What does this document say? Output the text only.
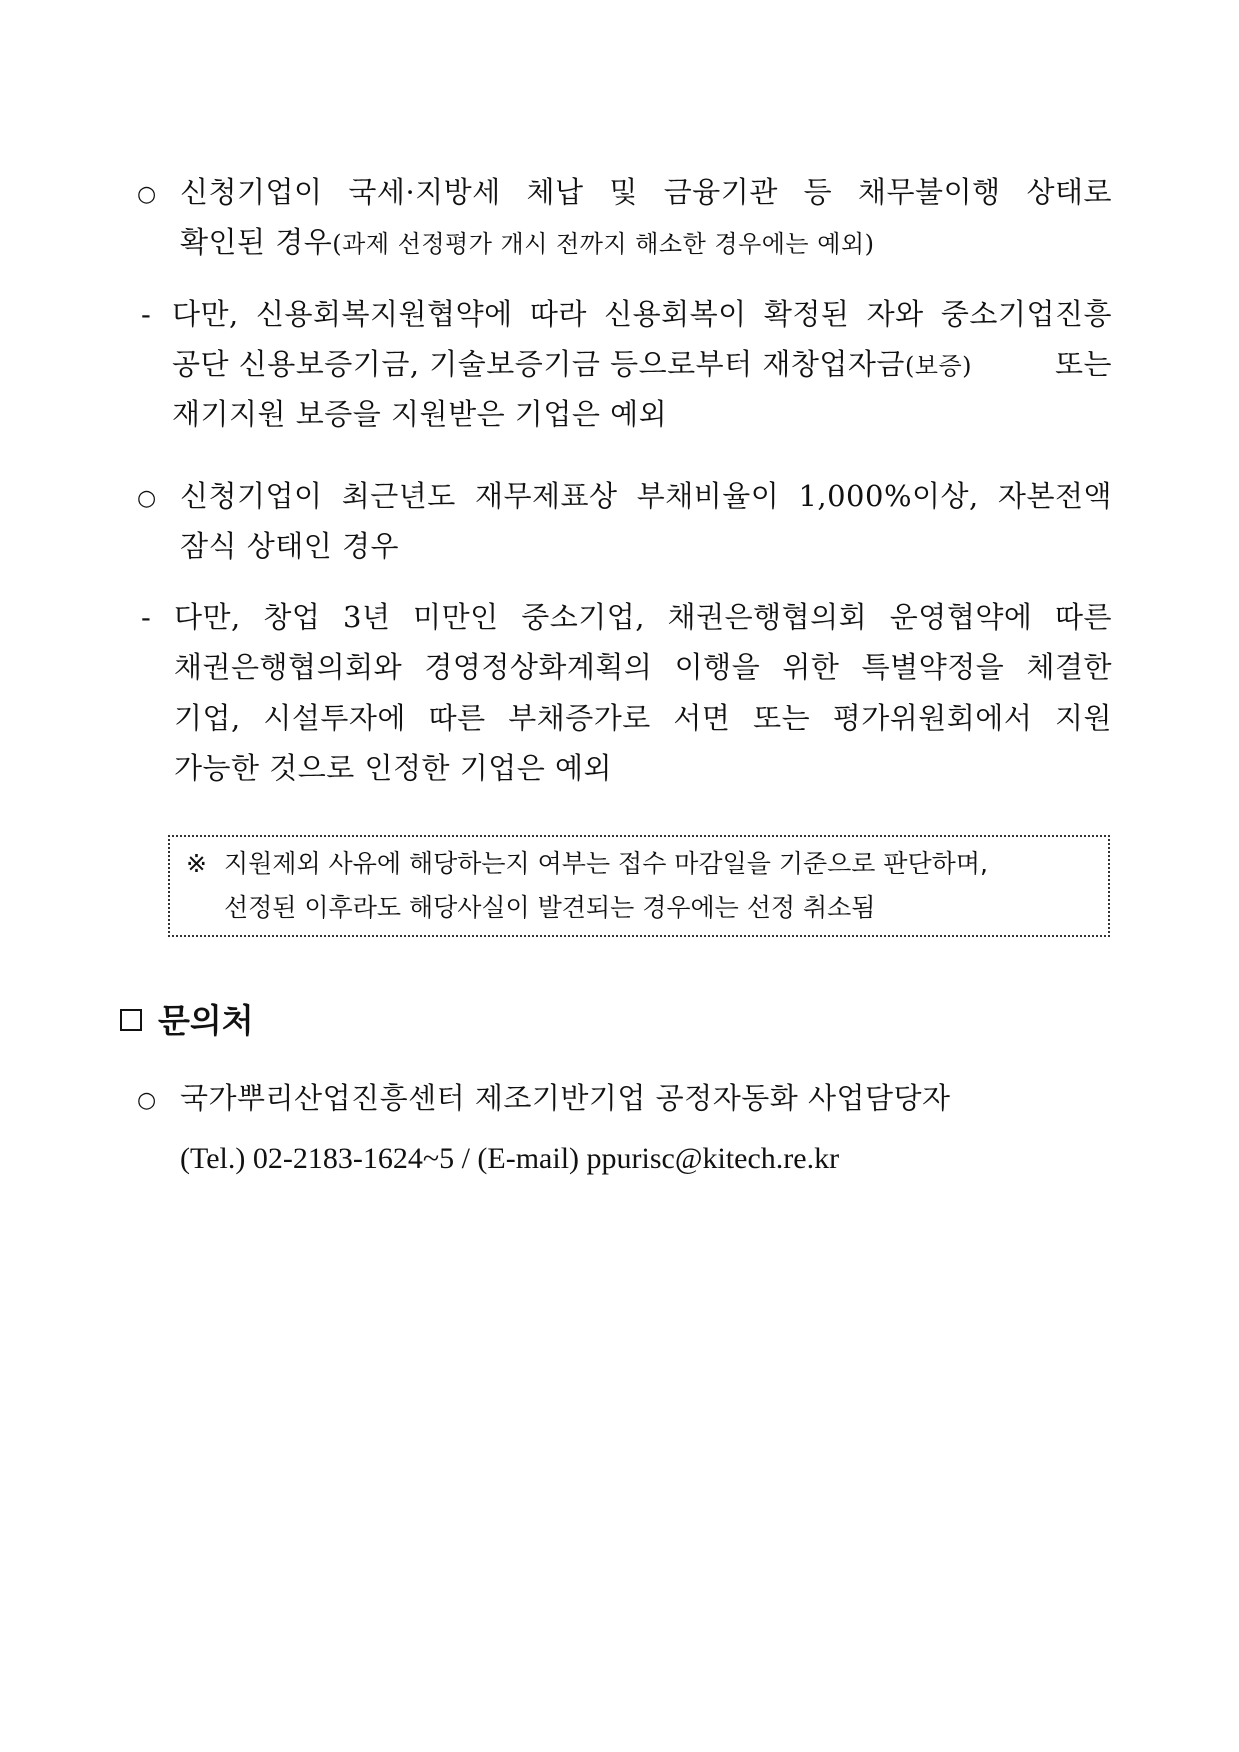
○ 신청기업이 국세·지방세 체납 및 금융기관 등 채무불이행 상태로
확인된 경우(과제 선정평가 개시 전까지 해소한 경우에는 예외)
- 다만, 신용회복지원협약에 따라 신용회복이 확정된 자와 중소기업진흥
공단 신용보증기금, 기술보증기금 등으로부터 재창업자금(보증)	또는
재기지원 보증을 지원받은 기업은 예외
○ 신청기업이 최근년도 재무제표상 부채비율이 1,000%이상, 자본전액
잠식 상태인 경우
- 다만, 창업 3년 미만인 중소기업, 채권은행협의회 운영협약에 따른
채권은행협의회와 경영정상화계획의 이행을 위한 특별약정을 체결한
기업, 시설투자에 따른 부채증가로 서면 또는 평가위원회에서 지원
가능한 것으로 인정한 기업은 예외
※ 지원제외 사유에 해당하는지 여부는 접수 마감일을 기준으로 판단하며,
선정된 이후라도 해당사실이 발견되는 경우에는 선정 취소됨
문의처
○ 국가뿌리산업진흥센터 제조기반기업 공정자동화 사업담당자
(Tel.) 02-2183-1624~5 / (E-mail) ppurisc@kitech.re.kr
